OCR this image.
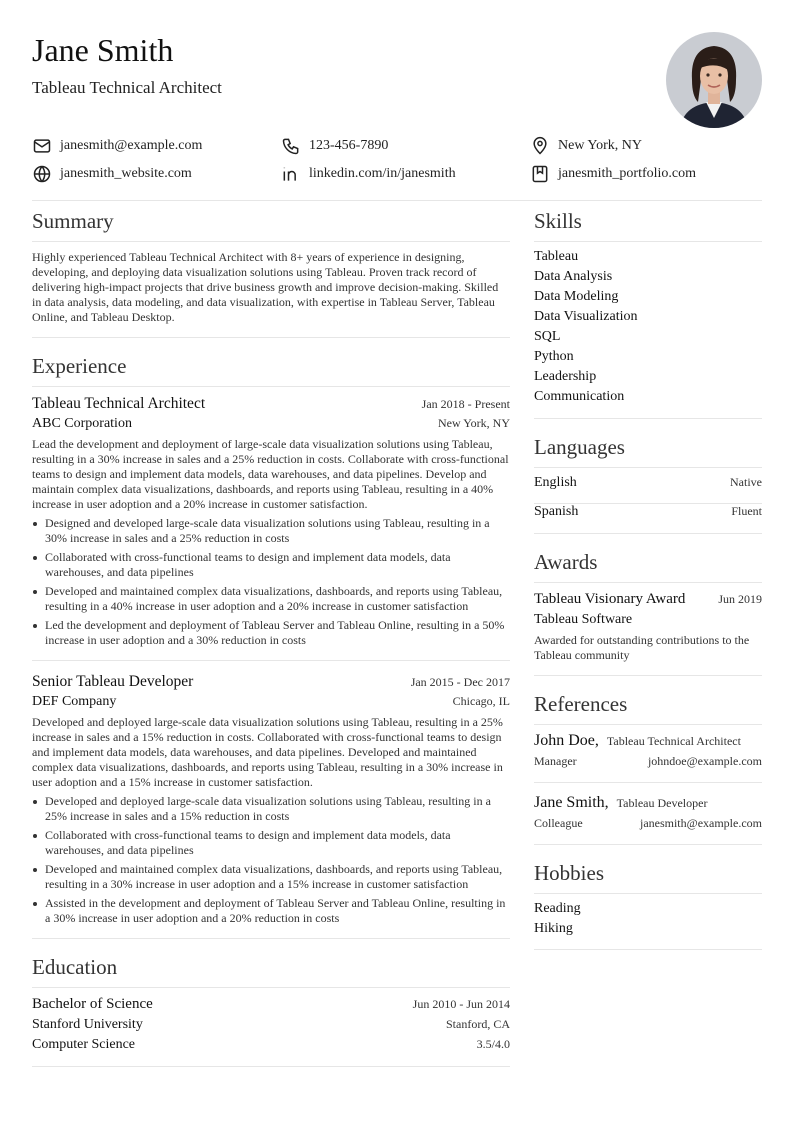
Jane Smith
Tableau Technical Architect
janesmith@example.com	123-456-7890	New York, NY
janesmith_website.com	linkedin.com/in/janesmith	janesmith_portfolio.com
Summary
Highly experienced Tableau Technical Architect with 8+ years of experience in designing, developing, and deploying data visualization solutions using Tableau. Proven track record of delivering high-impact projects that drive business growth and improve decision-making. Skilled in data analysis, data modeling, and data visualization, with expertise in Tableau Server, Tableau Online, and Tableau Desktop.
Experience
Tableau Technical Architect	Jan 2018 - Present
ABC Corporation	New York, NY
Lead the development and deployment of large-scale data visualization solutions using Tableau, resulting in a 30% increase in sales and a 25% reduction in costs. Collaborate with cross-functional teams to design and implement data models, data warehouses, and data pipelines. Develop and maintain complex data visualizations, dashboards, and reports using Tableau, resulting in a 40% increase in user adoption and a 20% increase in customer satisfaction.
Designed and developed large-scale data visualization solutions using Tableau, resulting in a 30% increase in sales and a 25% reduction in costs
Collaborated with cross-functional teams to design and implement data models, data warehouses, and data pipelines
Developed and maintained complex data visualizations, dashboards, and reports using Tableau, resulting in a 40% increase in user adoption and a 20% increase in customer satisfaction
Led the development and deployment of Tableau Server and Tableau Online, resulting in a 50% increase in user adoption and a 30% reduction in costs
Senior Tableau Developer	Jan 2015 - Dec 2017
DEF Company	Chicago, IL
Developed and deployed large-scale data visualization solutions using Tableau, resulting in a 25% increase in sales and a 15% reduction in costs. Collaborated with cross-functional teams to design and implement data models, data warehouses, and data pipelines. Developed and maintained complex data visualizations, dashboards, and reports using Tableau, resulting in a 30% increase in user adoption and a 15% increase in customer satisfaction.
Developed and deployed large-scale data visualization solutions using Tableau, resulting in a 25% increase in sales and a 15% reduction in costs
Collaborated with cross-functional teams to design and implement data models, data warehouses, and data pipelines
Developed and maintained complex data visualizations, dashboards, and reports using Tableau, resulting in a 30% increase in user adoption and a 15% increase in customer satisfaction
Assisted in the development and deployment of Tableau Server and Tableau Online, resulting in a 30% increase in user adoption and a 20% reduction in costs
Education
Bachelor of Science	Jun 2010 - Jun 2014
Stanford University	Stanford, CA
Computer Science	3.5/4.0
Skills
Tableau
Data Analysis
Data Modeling
Data Visualization
SQL
Python
Leadership
Communication
Languages
English	Native
Spanish	Fluent
Awards
Tableau Visionary Award	Jun 2019
Tableau Software
Awarded for outstanding contributions to the Tableau community
References
John Doe, Tableau Technical Architect
Manager	johndoe@example.com
Jane Smith, Tableau Developer
Colleague	janesmith@example.com
Hobbies
Reading
Hiking
